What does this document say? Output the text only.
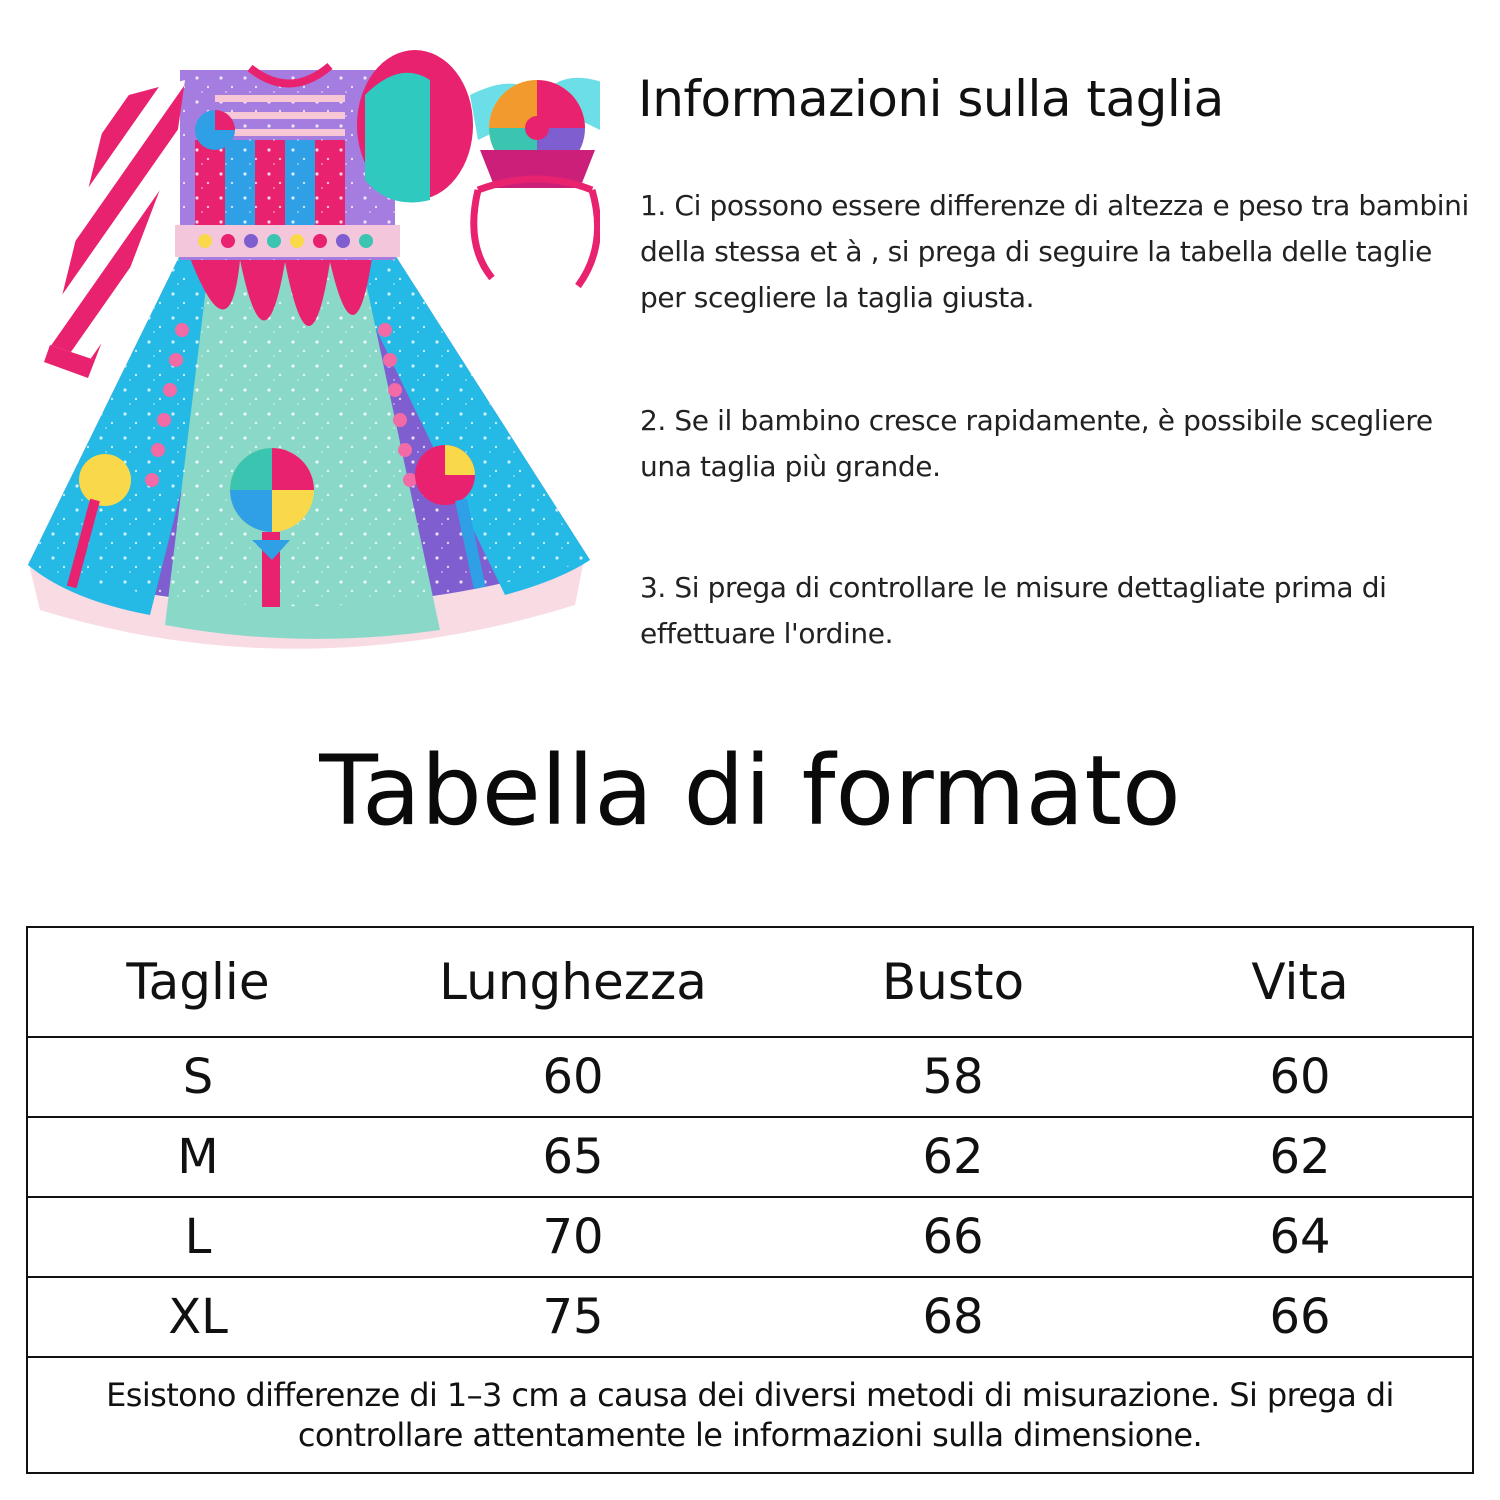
Informazioni sulla taglia

1. Ci possono essere differenze di altezza e peso tra bambini della stessa et à , si prega di seguire la tabella delle taglie per scegliere la taglia giusta.

2. Se il bambino cresce rapidamente, è possibile scegliere una taglia più grande.

3. Si prega di controllare le misure dettagliate prima di effettuare l'ordine.

Tabella di formato
Taglie	Lunghezza	Busto	Vita
S	60	58	60
M	65	62	62
L	70	66	64
XL	75	68	66
Esistono differenze di 1–3 cm a causa dei diversi metodi di misurazione. Si prega di controllare attentamente le informazioni sulla dimensione.
